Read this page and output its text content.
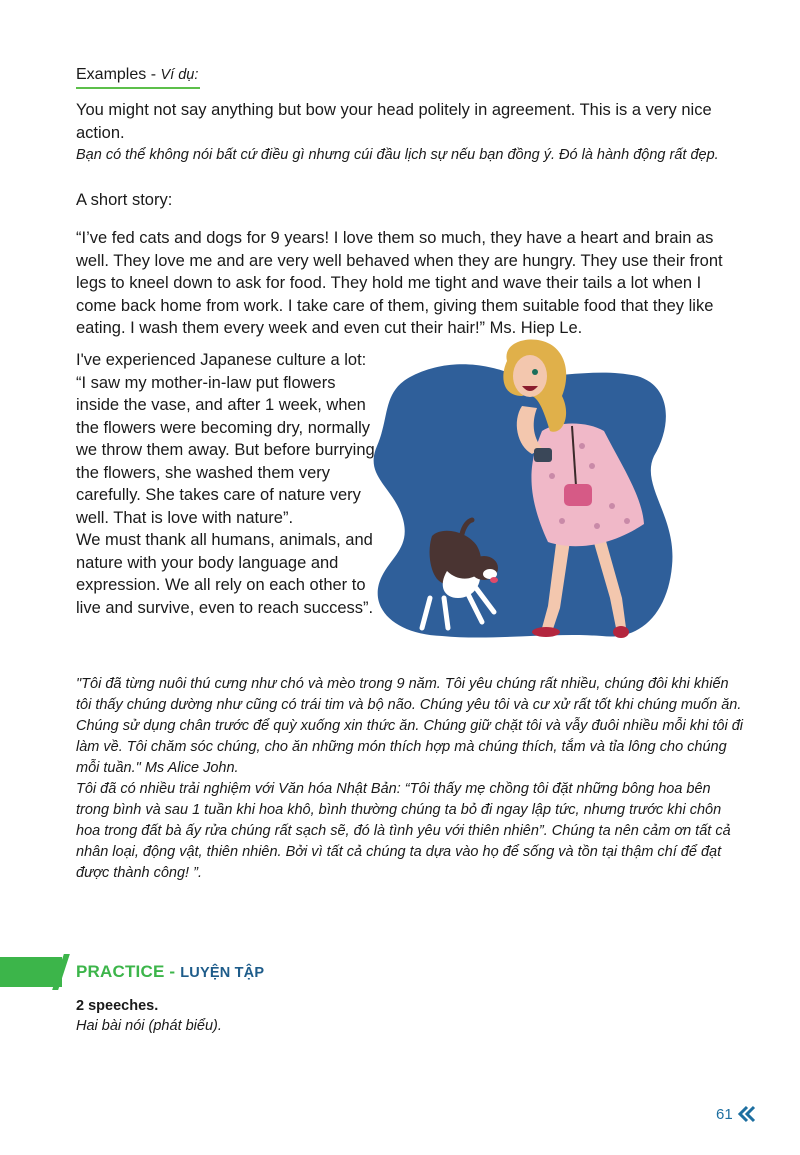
Examples - Ví dụ:
You might not say anything but bow your head politely in agreement. This is a very nice action.
Bạn có thể không nói bất cứ điều gì nhưng cúi đầu lịch sự nếu bạn đồng ý. Đó là hành động rất đẹp.
A short story:
“I’ve fed cats and dogs for 9 years! I love them so much, they have a heart and brain as well. They love me and are very well behaved when they are hungry. They use their front legs to kneel down to ask for food. They hold me tight and wave their tails a lot when I come back home from work. I take care of them, giving them suitable food that they like eating. I wash them every week and even cut their hair!” Ms. Hiep Le.
I've experienced Japanese culture a lot: “I saw my mother-in-law put flowers inside the vase, and after 1 week, when the flowers were becoming dry, normally we throw them away. But before burrying the flowers, she washed them very carefully. She takes care of nature very well. That is love with nature”.
We must thank all humans, animals, and nature with your body language and expression. We all rely on each other to live and survive, even to reach success”.
"Tôi đã từng nuôi thú cưng như chó và mèo trong 9 năm. Tôi yêu chúng rất nhiều, chúng đôi khi khiến tôi thấy chúng dường như cũng có trái tim và bộ não. Chúng yêu tôi và cư xử rất tốt khi chúng muốn ăn. Chúng sử dụng chân trước để quỳ xuống xin thức ăn. Chúng giữ chặt tôi và vẫy đuôi nhiều mỗi khi tôi đi làm về. Tôi chăm sóc chúng, cho ăn những món thích hợp mà chúng thích, tắm và tỉa lông cho chúng mỗi tuần." Ms Alice John.
Tôi đã có nhiều trải nghiệm với Văn hóa Nhật Bản: “Tôi thấy mẹ chồng tôi đặt những bông hoa bên trong bình và sau 1 tuần khi hoa khô, bình thường chúng ta bỏ đi ngay lập tức, nhưng trước khi chôn hoa trong đất bà ấy rửa chúng rất sạch sẽ, đó là tình yêu với thiên nhiên”. Chúng ta nên cảm ơn tất cả nhân loại, động vật, thiên nhiên. Bởi vì tất cả chúng ta dựa vào họ để sống và tồn tại thậm chí để đạt được thành công! ”.
PRACTICE - LUYỆN TẬP
2 speeches.
Hai bài nói (phát biểu).
61
